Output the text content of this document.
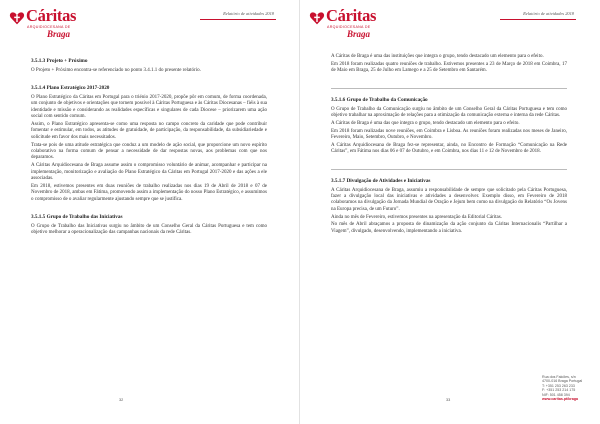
Cáritas
ARQUIDIOCESANA DE
Braga
Relatório de atividades 2018
3.5.1.3 Projeto + Próximo

O Projeto + Próximo encontra-se referenciado no ponto 3.4.1.1 do presente relatório.

3.5.1.4 Plano Estratégico 2017-2020

O Plano Estratégico da Cáritas em Portugal para o triénio 2017-2020, propõe pôr em comum, de forma coordenada, um conjunto de objetivos e orientações que tornem possível à Cáritas Portuguesa e às Cáritas Diocesanas – fiéis à sua identidade e missão e considerando as realidades específicas e singulares de cada Diocese – priorizarem uma ação social com sentido comum.

Assim, o Plano Estratégico apresenta-se como uma resposta no campo concreto da caridade que pode contribuir fomentar e estimular, em todos, as atitudes de gratuidade, de participação, da responsabilidade, da subsidiariedade e solicitude em favor dos mais necessitados.

Trata-se pois de uma atitude estratégica que conduz a um modelo de ação social, que proporcione um novo espírito colaborativo na forma comum de pensar a necessidade de dar respostas novas, aos problemas com que nos deparamos.

A Cáritas Arquidiocesana de Braga assume assim o compromisso voluntário de animar, acompanhar e participar na implementação, monitorização e avaliação do Plano Estratégico da Cáritas em Portugal 2017-2020 e das ações a ele associadas.

Em 2018, estivemos presentes em duas reuniões de trabalho realizadas nos dias 19 de Abril de 2018 e 07 de Novembro de 2018, ambas em Fátima, promovendo assim a implementação do nosso Plano Estratégico, e assumimos o compromisso de o avaliar regularmente ajustando sempre que se justifica.

3.5.1.5 Grupo de Trabalho das Iniciativas

O Grupo de Trabalho das Iniciativas surgiu no âmbito de um Conselho Geral da Cáritas Portuguesa e tem como objetivo melhorar a operacionalização das campanhas nacionais da rede Cáritas.

32
Cáritas
ARQUIDIOCESANA DE
Braga
Relatório de atividades 2018

A Cáritas de Braga é uma das instituições que integra o grupo, tendo destacado um elemento para o efeito.

Em 2018 foram realizadas quatro reuniões de trabalho. Estivemos presentes a 23 de Março de 2018 em Coimbra, 17 de Maio em Braga, 25 de Julho em Lamego e a 25 de Setembro em Santarém.

3.5.1.6 Grupo de Trabalho da Comunicação

O Grupo de Trabalho da Comunicação surgiu no âmbito de um Conselho Geral da Cáritas Portuguesa e tem como objetivo trabalhar na aproximação de relações para a otimização da comunicação externa e interna da rede Cáritas.

A Cáritas de Braga é uma das que integra o grupo, tendo destacado um elemento para o efeito.

Em 2018 foram realizadas nove reuniões, em Coimbra e Lisboa. As reuniões foram realizadas nos meses de Janeiro, Fevereiro, Maio, Setembro, Outubro, e Novembro.

A Cáritas Arquidiocesana de Braga fez-se representar, ainda, no Encontro de Formação “Comunicação na Rede Cáritas”, em Fátima nos dias 06 e 07 de Outubro, e em Coimbra, nos dias 11 e 12 de Novembro de 2018.

3.5.1.7 Divulgação de Atividades e Iniciativas

A Cáritas Arquidiocesana de Braga, assumiu a responsabilidade de sempre que solicitado pela Cáritas Portuguesa, fazer a divulgação local das iniciativas e atividades a desenvolver. Exemplo disso, em Fevereiro de 2018 colaboramos na divulgação da Jornada Mundial de Oração e Jejum bem como na divulgação do Relatório “Os Jovens na Europa precisa, de um Futuro”.

Ainda no mês de Fevereiro, estivemos presentes na apresentação da Editorial Cáritas.

No mês de Abril abraçamos a proposta de dinamização da ação conjunto da Cáritas Internacionalis “Partilhar a Viagem”, divulgado, desenvolvendo, implementando a iniciativa.

Rua dos Falcões, s/n
4700-016 Braga Portugal
T: +351 253 263 233
F: +351 253 214 175
NIF: 501 458 394
www.caritas.pt/braga
33
